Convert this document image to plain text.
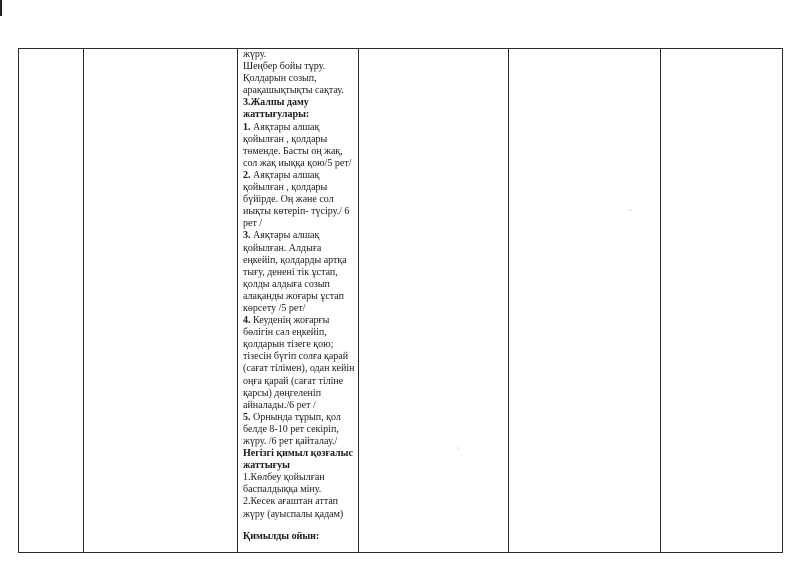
жүру.

Шеңбер бойы тұру.

Қолдарын созып,

арақашықтықты сақтау.

3.Жалпы даму жаттығулары:

1. Аяқтары алшақ қойылған , қолдары төменде. Басты оң жақ, сол жақ иыққа қою/5 рет/

2. Аяқтары алшақ қойылған , қолдары бүйірде. Оң және сол иықты көтеріп- түсіру./ 6 рет /

3. Аяқтары алшақ қойылған. Алдыға еңкейіп, қолдарды артқа тығу, денені тік ұстап, қолды алдыға созып алақанды жоғары ұстап көрсету /5 рет/

4. Кеуденің жоғарғы бөлігін сәл еңкейіп, қолдарын тізеге қою; тізесін бүгіп солға қарай (сағат тілімен), одан кейін оңға қарай (сағат тіліне қарсы) дөңгеленіп айналады./6 рет /

5. Орнында тұрып, қол белде 8-10 рет секіріп, жүру. /6 рет қайталау./

Негізгі қимыл қозғалыс жаттығуы

1.Көлбеу қойылған баспалдыққа міну.

2.Кесек ағаштан аттап жүру (ауыспалы қадам)

Қимылды ойын:

·
·
